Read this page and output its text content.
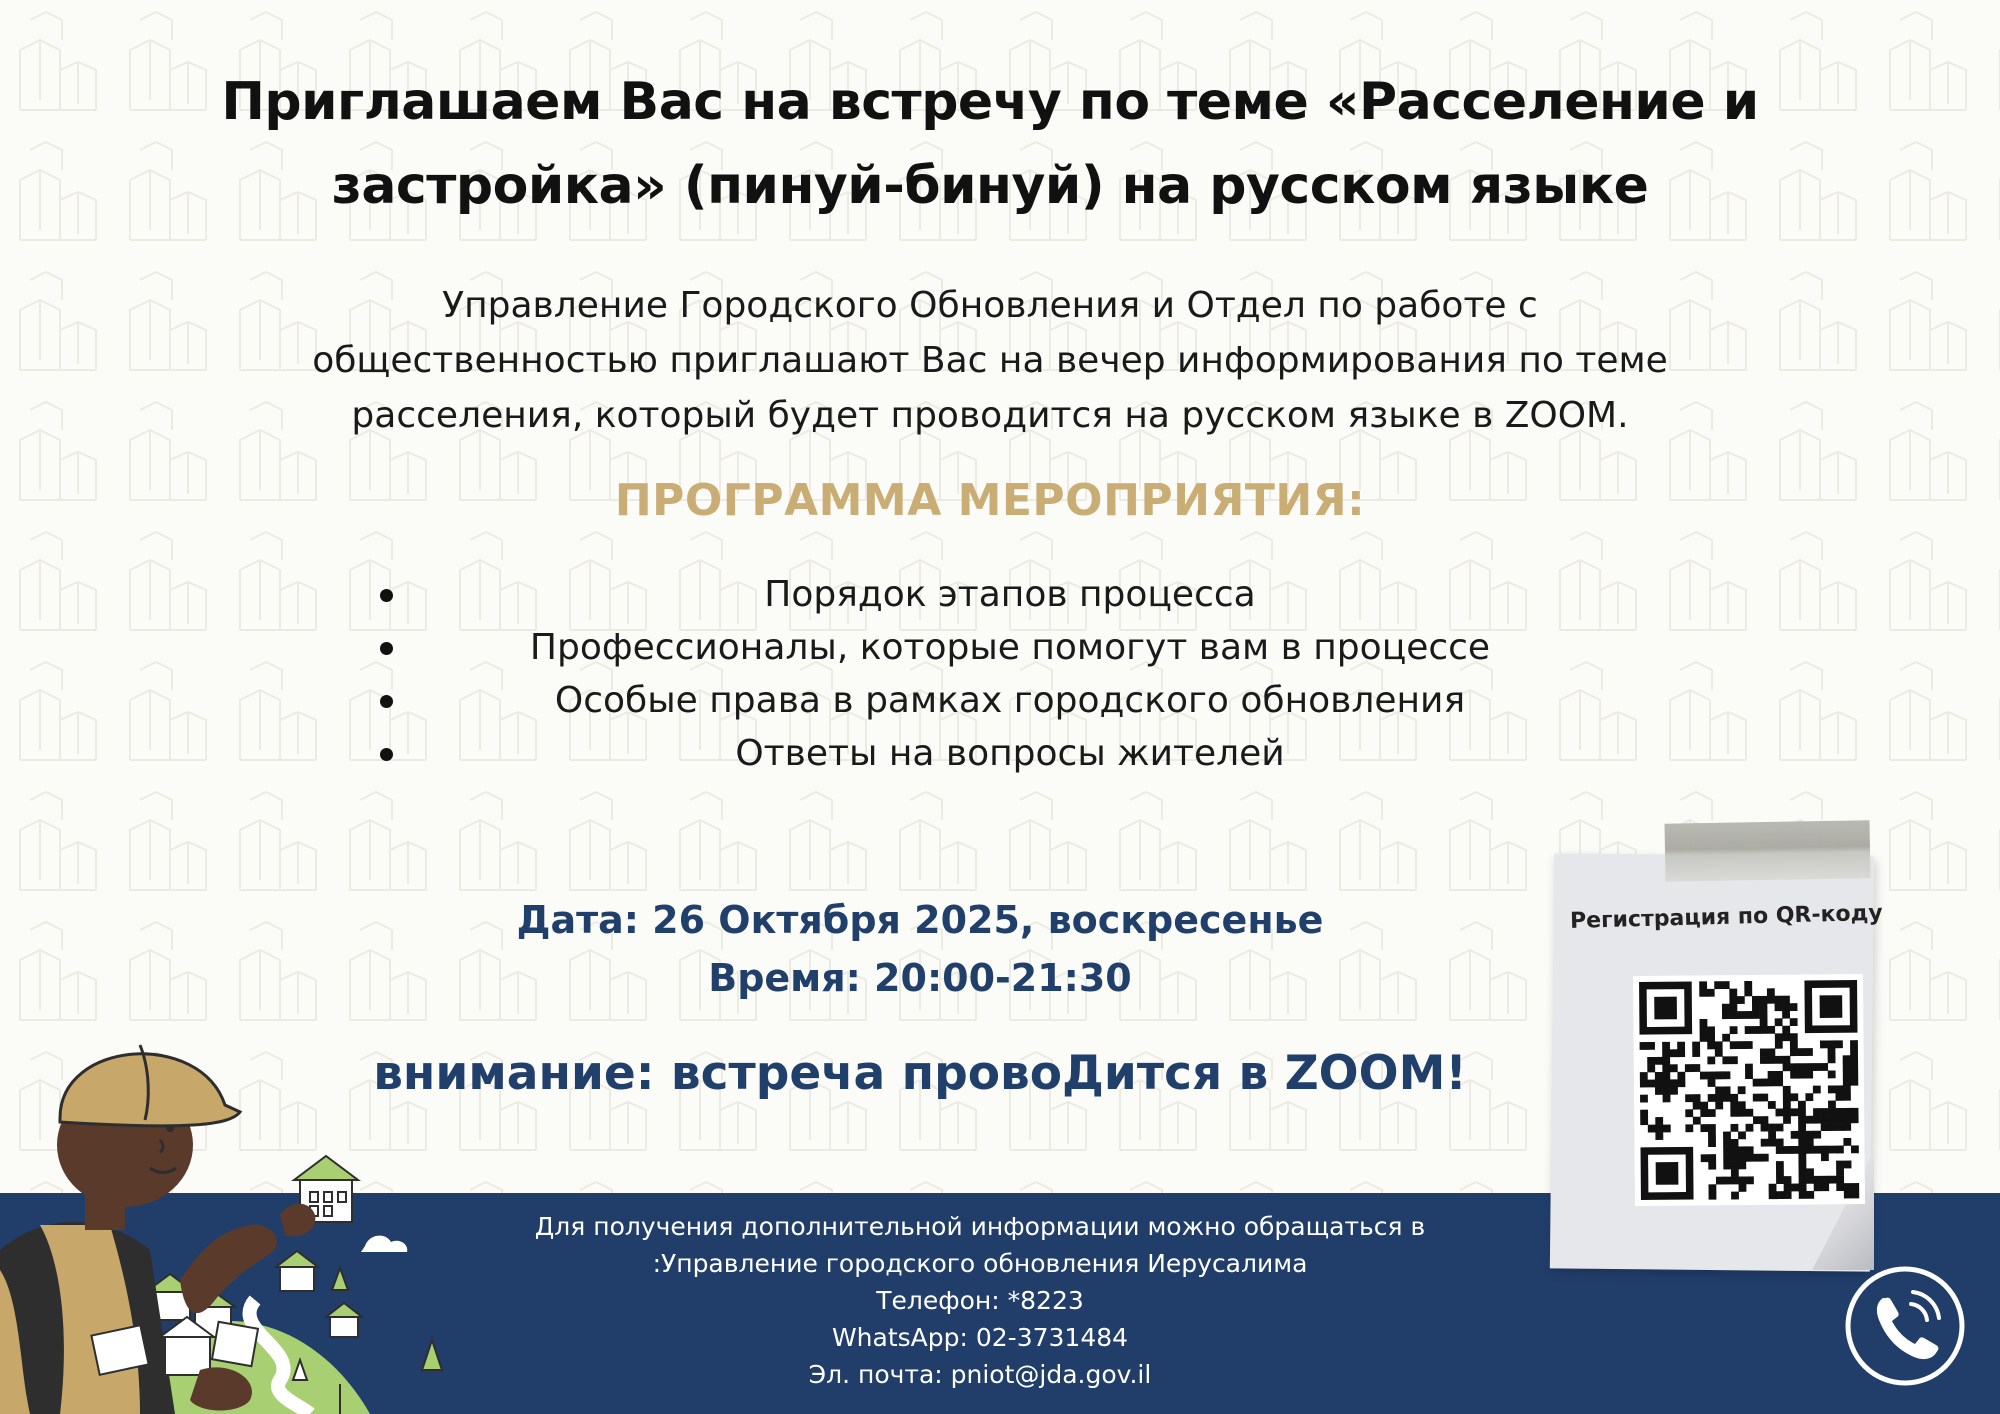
Приглашаем Вас на встречу по теме «Расселение и
застройка» (пинуй-бинуй) на русском языке
Управление Городского Обновления и Отдел по работе с
общественностью приглашают Вас на вечер информирования по теме
расселения, который будет проводится на русском языке в ZOOM.
ПРОГРАММА МЕРОПРИЯТИЯ:
Порядок этапов процесса
Профессионалы, которые помогут вам в процессе
Особые права в рамках городского обновления
Ответы на вопросы жителей
Дата: 26 Октября 2025, воскресенье
Время: 20:00-21:30
внимание: встреча провоДится в ZOOM!
Для получения дополнительной информации можно обращаться в
:Управление городского обновления Иерусалима
Телефон: *8223
WhatsApp: 02-3731484
Эл. почта: pniot@jda.gov.il
Регистрация по QR-коду
